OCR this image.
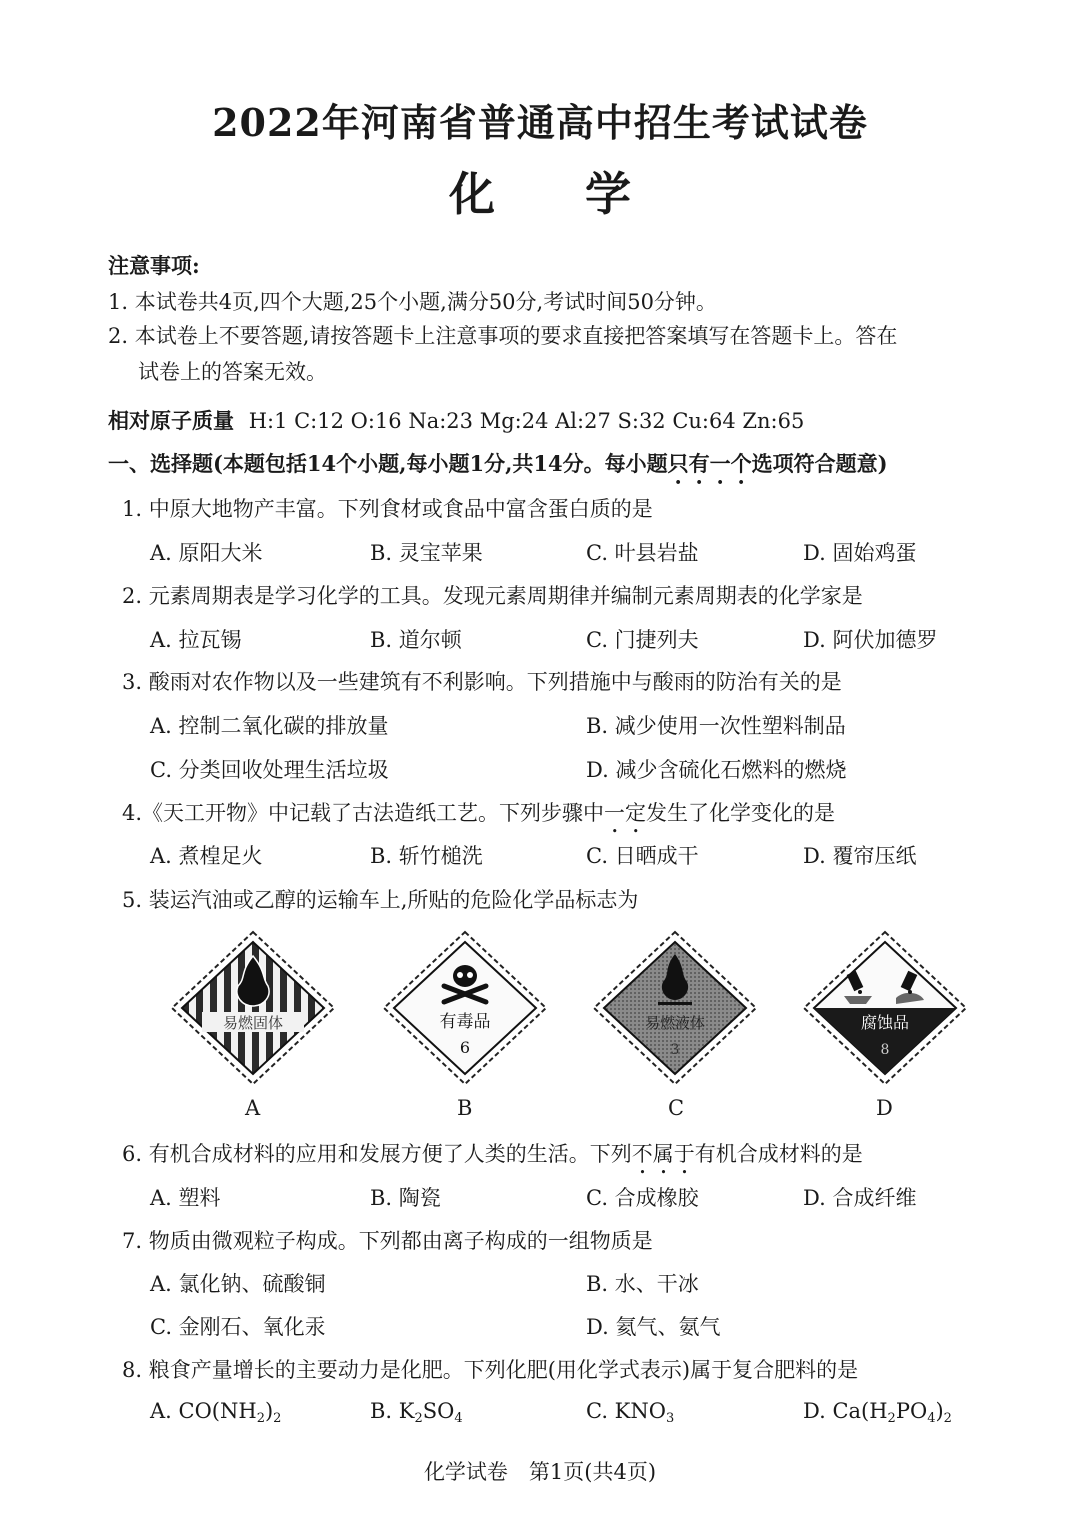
2022年河南省普通高中招生考试试卷
化学
注意事项:
1. 本试卷共4页,四个大题,25个小题,满分50分,考试时间50分钟。
2. 本试卷上不要答题,请按答题卡上注意事项的要求直接把答案填写在答题卡上。答在
试卷上的答案无效。
相对原子质量 H:1 C:12 O:16 Na:23 Mg:24 Al:27 S:32 Cu:64 Zn:65
一、选择题(本题包括14个小题,每小题1分,共14分。每小题只有一个选项符合题意)
1. 中原大地物产丰富。下列食材或食品中富含蛋白质的是
A. 原阳大米	B. 灵宝苹果	C. 叶县岩盐	D. 固始鸡蛋
2. 元素周期表是学习化学的工具。发现元素周期律并编制元素周期表的化学家是
A. 拉瓦锡	B. 道尔顿	C. 门捷列夫	D. 阿伏加德罗
3. 酸雨对农作物以及一些建筑有不利影响。下列措施中与酸雨的防治有关的是
A. 控制二氧化碳的排放量	B. 减少使用一次性塑料制品
C. 分类回收处理生活垃圾	D. 减少含硫化石燃料的燃烧
4.《天工开物》中记载了古法造纸工艺。下列步骤中一定发生了化学变化的是
A. 煮楻足火	B. 斩竹槌洗	C. 日晒成干	D. 覆帘压纸
5. 装运汽油或乙醇的运输车上,所贴的危险化学品标志为
易燃固体
A
有毒品
6
B
易燃液体
3
C
腐蚀品
8
D
6. 有机合成材料的应用和发展方便了人类的生活。下列不属于有机合成材料的是
A. 塑料	B. 陶瓷	C. 合成橡胶	D. 合成纤维
7. 物质由微观粒子构成。下列都由离子构成的一组物质是
A. 氯化钠、硫酸铜	B. 水、干冰
C. 金刚石、氧化汞	D. 氦气、氨气
8. 粮食产量增长的主要动力是化肥。下列化肥(用化学式表示)属于复合肥料的是
A. $CO(NH_2)_2$	B. $K_2SO_4$	C. $KNO_3$	D. $Ca(H_2PO_4)_2$
化学试卷　第1页(共4页)
